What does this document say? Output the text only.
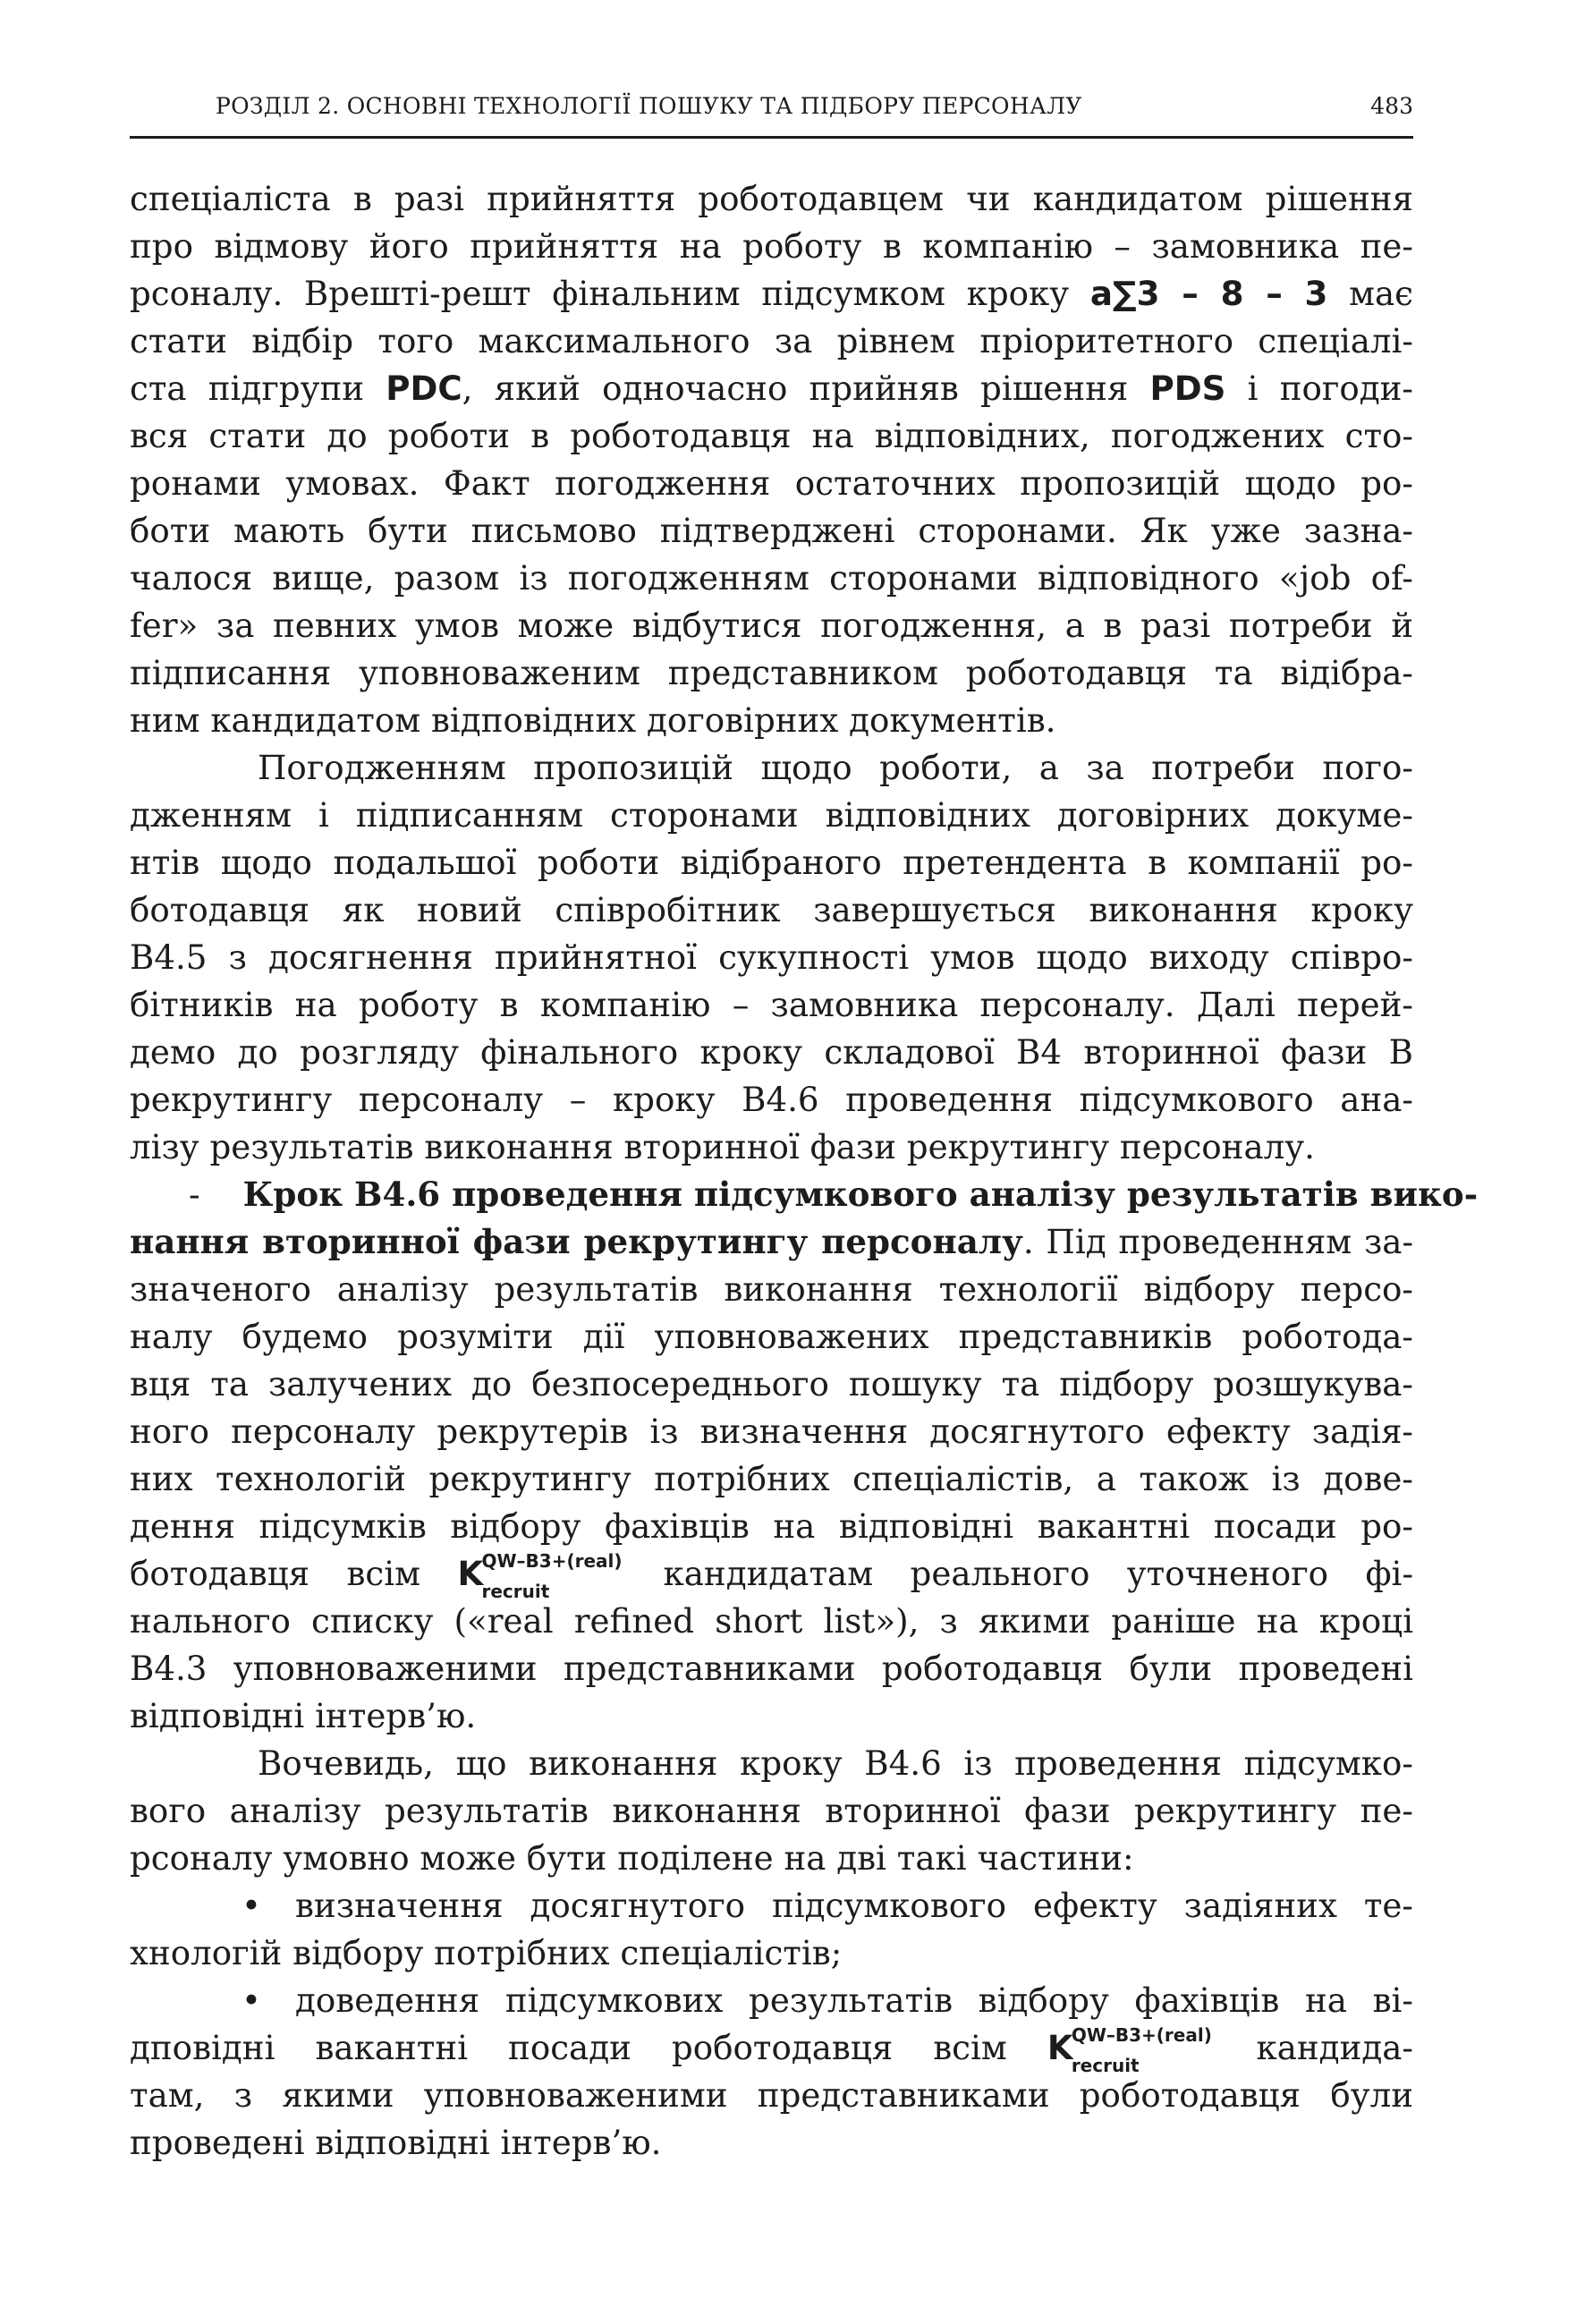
РОЗДІЛ 2. ОСНОВНІ ТЕХНОЛОГІЇ ПОШУКУ ТА ПІДБОРУ ПЕРСОНАЛУ	483
спеціаліста в разі прийняття роботодавцем чи кандидатом рішення
про відмову його прийняття на роботу в компанію – замовника пе-
рсоналу. Врешті-решт фінальним підсумком кроку a∑3 – 8 – 3 має
стати відбір того максимального за рівнем пріоритетного спеціалі-
ста підгрупи PDC, який одночасно прийняв рішення PDS і погоди-
вся стати до роботи в роботодавця на відповідних, погоджених сто-
ронами умовах. Факт погодження остаточних пропозицій щодо ро-
боти мають бути письмово підтверджені сторонами. Як уже зазна-
чалося вище, разом із погодженням сторонами відповідного «job of-
fer» за певних умов може відбутися погодження, а в разі потреби й
підписання уповноваженим представником роботодавця та відібра-
ним кандидатом відповідних договірних документів.
Погодженням пропозицій щодо роботи, а за потреби пого-
дженням і підписанням сторонами відповідних договірних докуме-
нтів щодо подальшої роботи відібраного претендента в компанії ро-
ботодавця як новий співробітник завершується виконання кроку
В4.5 з досягнення прийнятної сукупності умов щодо виходу співро-
бітників на роботу в компанію – замовника персоналу. Далі перей-
демо до розгляду фінального кроку складової В4 вторинної фази В
рекрутингу персоналу – кроку В4.6 проведення підсумкового ана-
лізу результатів виконання вторинної фази рекрутингу персоналу.
- Крок В4.6 проведення підсумкового аналізу результатів вико-
нання вторинної фази рекрутингу персоналу. Під проведенням за-
значеного аналізу результатів виконання технології відбору персо-
налу будемо розуміти дії уповноважених представників роботода-
вця та залучених до безпосереднього пошуку та підбору розшукува-
ного персоналу рекрутерів із визначення досягнутого ефекту задія-
них технологій рекрутингу потрібних спеціалістів, а також із дове-
дення підсумків відбору фахівців на відповідні вакантні посади ро-
ботодавця всім K
QW–B3+(real)
recruit кандидатам реального уточненого фі-
нального списку («real refined short list»), з якими раніше на кроці
В4.3 уповноваженими представниками роботодавця були проведені
відповідні інтерв’ю.
Вочевидь, що виконання кроку В4.6 із проведення підсумко-
вого аналізу результатів виконання вторинної фази рекрутингу пе-
рсоналу умовно може бути поділене на дві такі частини:
• визначення досягнутого підсумкового ефекту задіяних те-
хнологій відбору потрібних спеціалістів;
• доведення підсумкових результатів відбору фахівців на ві-
дповідні вакантні посади роботодавця всім K
QW–B3+(real)
recruit кандида-
там, з якими уповноваженими представниками роботодавця були
проведені відповідні інтерв’ю.
